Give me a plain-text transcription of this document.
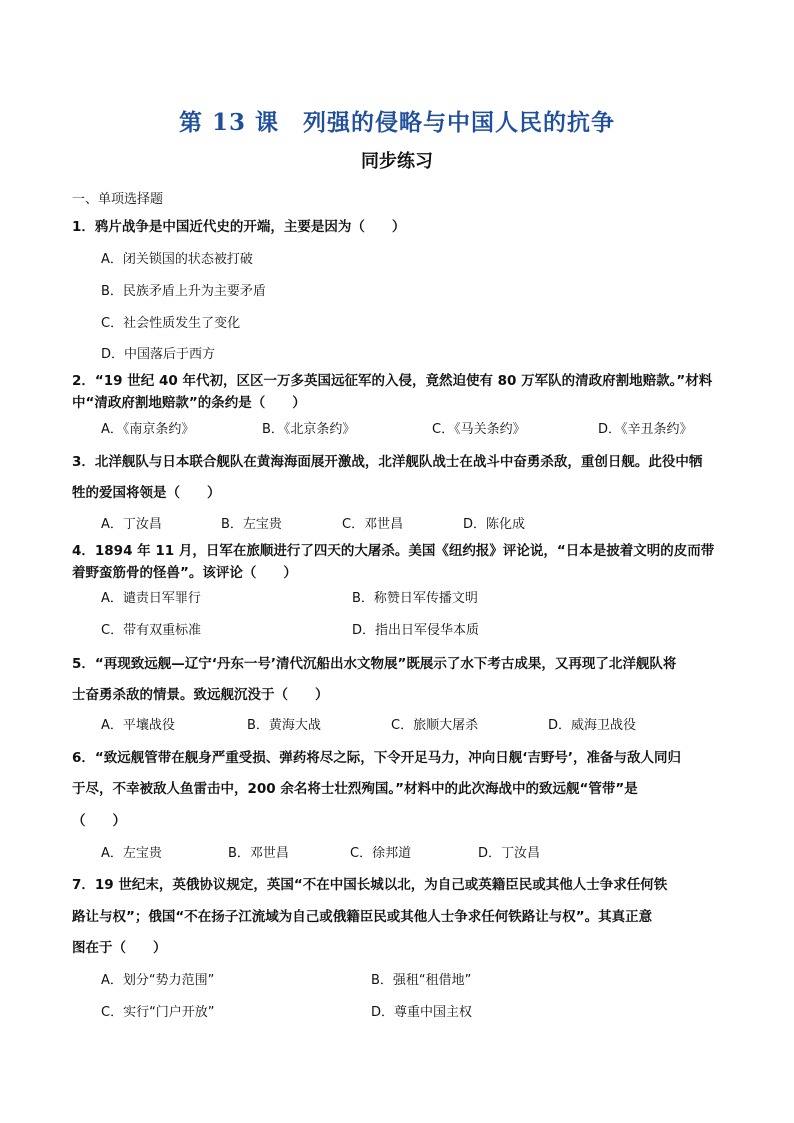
第 13 课　列强的侵略与中国人民的抗争
同步练习
一、单项选择题
1．鸦片战争是中国近代史的开端，主要是因为（　　）
A．闭关锁国的状态被打破
B．民族矛盾上升为主要矛盾
C．社会性质发生了变化
D．中国落后于西方
2．“19 世纪 40 年代初，区区一万多英国远征军的入侵，竟然迫使有 80 万军队的清政府割地赔款。”材料
中“清政府割地赔款”的条约是（　　）
A．《南京条约》	B．《北京条约》	C．《马关条约》	D．《辛丑条约》
3．北洋舰队与日本联合舰队在黄海海面展开激战，北洋舰队战士在战斗中奋勇杀敌，重创日舰。此役中牺
牲的爱国将领是（　　）
A．丁汝昌	B．左宝贵	C．邓世昌	D．陈化成
4．1894 年 11 月，日军在旅顺进行了四天的大屠杀。美国《纽约报》评论说，“日本是披着文明的皮而带
着野蛮筋骨的怪兽”。该评论（　　）
A．谴责日军罪行	B．称赞日军传播文明
C．带有双重标准	D．指出日军侵华本质
5．“再现致远舰—辽宁‘丹东一号’清代沉船出水文物展”既展示了水下考古成果，又再现了北洋舰队将
士奋勇杀敌的情景。致远舰沉没于（　　）
A．平壤战役	B．黄海大战	C．旅顺大屠杀	D．威海卫战役
6．“致远舰管带在舰身严重受损、弹药将尽之际，下令开足马力，冲向日舰‘吉野号’，准备与敌人同归
于尽，不幸被敌人鱼雷击中，200 余名将士壮烈殉国。”材料中的此次海战中的致远舰“管带”是
（　　）
A．左宝贵	B．邓世昌	C．徐邦道	D．丁汝昌
7．19 世纪末，英俄协议规定，英国“不在中国长城以北，为自己或英籍臣民或其他人士争求任何铁
路让与权”；俄国“不在扬子江流域为自己或俄籍臣民或其他人士争求任何铁路让与权”。其真正意
图在于（　　）
A．划分“势力范围”	B．强租“租借地”
C．实行“门户开放”	D．尊重中国主权
